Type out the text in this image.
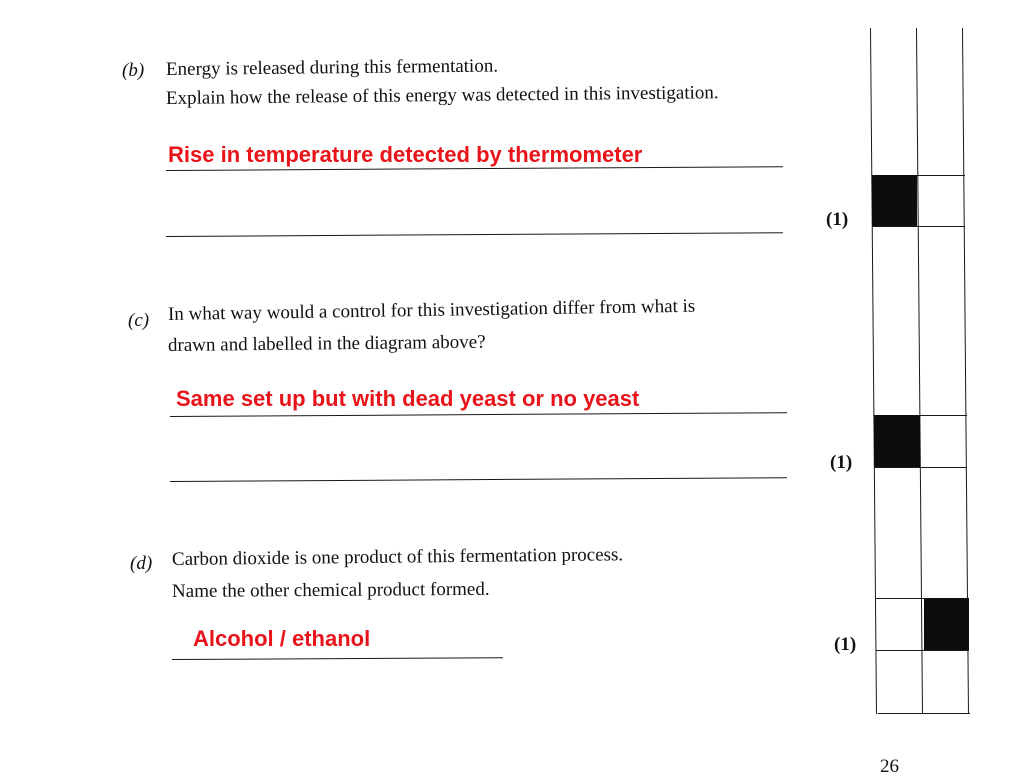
(b) Energy is released during this fermentation.
Explain how the release of this energy was detected in this investigation.
Rise in temperature detected by thermometer
(1)
(c) In what way would a control for this investigation differ from what is
drawn and labelled in the diagram above?
Same set up but with dead yeast or no yeast
(1)
(d) Carbon dioxide is one product of this fermentation process.
Name the other chemical product formed.
Alcohol / ethanol	(1)
26
